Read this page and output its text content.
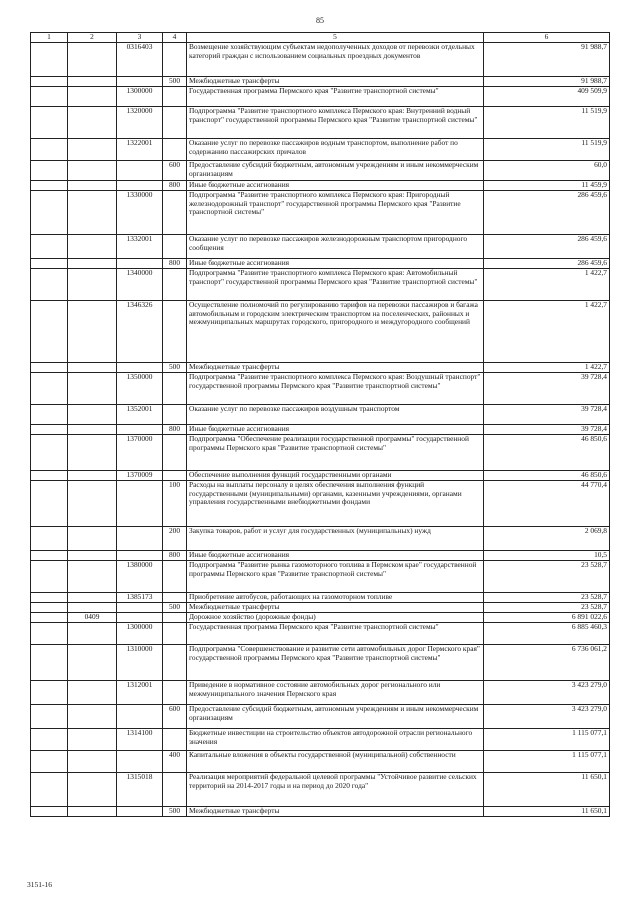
85
1	2	3	4	5	6
		0316403		Возмещение хозяйствующим субъектам недополученных доходов от перевозки отдельных категорий граждан с использованием социальных проездных документов	91 988,7
			500	Межбюджетные трансферты	91 988,7
		1300000		Государственная программа Пермского края "Развитие транспортной системы"	409 509,9
		1320000		Подпрограмма "Развитие транспортного комплекса Пермского края: Внутренний водный транспорт" государственной программы Пермского края "Развитие транспортной системы"	11 519,9
		1322001		Оказание услуг по перевозке пассажиров водным транспортом, выполнение работ по содержанию пассажирских причалов	11 519,9
			600	Предоставление субсидий бюджетным, автономным учреждениям и иным некоммерческим организациям	60,0
			800	Иные бюджетные ассигнования	11 459,9
		1330000		Подпрограмма "Развитие транспортного комплекса Пермского края: Пригородный железнодорожный транспорт" государственной программы Пермского края "Развитие транспортной системы"	286 459,6
		1332001		Оказание услуг по перевозке пассажиров железнодорожным транспортом пригородного сообщения	286 459,6
			800	Иные бюджетные ассигнования	286 459,6
		1340000		Подпрограмма "Развитие транспортного комплекса Пермского края: Автомобильный транспорт" государственной программы Пермского края "Развитие транспортной системы"	1 422,7
		1346326		Осуществление полномочий по регулированию тарифов на перевозки пассажиров и багажа автомобильным и городским электрическим транспортом на поселенческих, районных и межмуниципальных маршрутах городского, пригородного и междугородного сообщений	1 422,7
			500	Межбюджетные трансферты	1 422,7
		1350000		Подпрограмма "Развитие транспортного комплекса Пермского края: Воздушный транспорт" государственной программы Пермского края "Развитие транспортной системы"	39 728,4
		1352001		Оказание услуг по перевозке пассажиров воздушным транспортом	39 728,4
			800	Иные бюджетные ассигнования	39 728,4
		1370000		Подпрограмма "Обеспечение реализации государственной программы" государственной программы Пермского края "Развитие транспортной системы"	46 850,6
		1370009		Обеспечение выполнения функций государственными органами	46 850,6
			100	Расходы на выплаты персоналу в целях обеспечения выполнения функций государственными (муниципальными) органами, казенными учреждениями, органами управления государственными внебюджетными фондами	44 770,4
			200	Закупка товаров, работ и услуг для государственных (муниципальных) нужд	2 069,8
			800	Иные бюджетные ассигнования	10,5
		1380000		Подпрограмма "Развитие рынка газомоторного топлива в Пермском крае" государственной программы Пермского края "Развитие транспортной системы"	23 528,7
		1385173		Приобретение автобусов, работающих на газомоторном топливе	23 528,7
			500	Межбюджетные трансферты	23 528,7
	0409			Дорожное хозяйство (дорожные фонды)	6 891 022,6
		1300000		Государственная программа Пермского края "Развитие транспортной системы"	6 885 460,3
		1310000		Подпрограмма "Совершенствование и развитие сети автомобильных дорог Пермского края" государственной программы Пермского края "Развитие транспортной системы"	6 736 061,2
		1312001		Приведение в нормативное состояние автомобильных дорог регионального или межмуниципального значения Пермского края	3 423 279,0
			600	Предоставление субсидий бюджетным, автономным учреждениям и иным некоммерческим организациям	3 423 279,0
		1314100		Бюджетные инвестиции на строительство объектов автодорожной отрасли регионального значения	1 115 077,1
			400	Капитальные вложения в объекты государственной (муниципальной) собственности	1 115 077,1
		1315018		Реализация мероприятий федеральной целевой программы "Устойчивое развитие сельских территорий на 2014-2017 годы и на период до 2020 года"	11 650,1
			500	Межбюджетные трансферты	11 650,1
3151-16
